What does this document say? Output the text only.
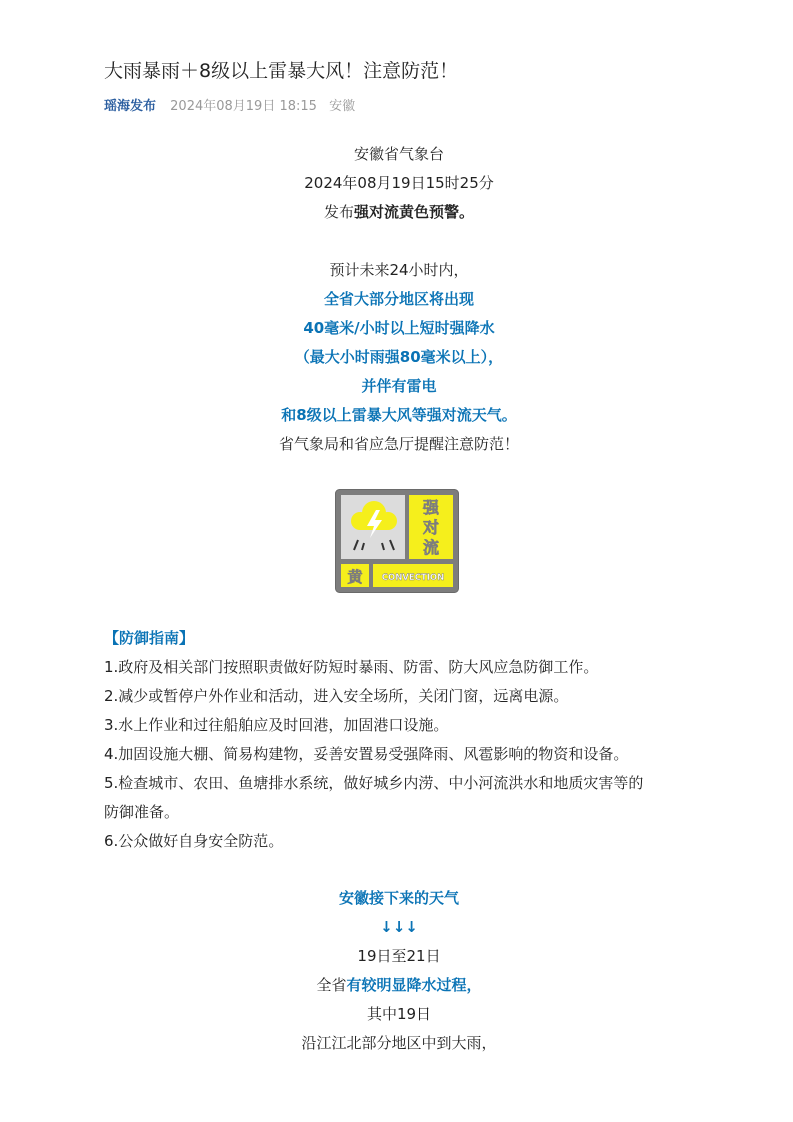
大雨暴雨＋8级以上雷暴大风！注意防范！
瑶海发布 2024年08月19日 18:15 安徽
安徽省气象台
2024年08月19日15时25分
发布强对流黄色预警。
预计未来24小时内，
全省大部分地区将出现
40毫米/小时以上短时强降水
（最大小时雨强80毫米以上），
并伴有雷电
和8级以上雷暴大风等强对流天气。
省气象局和省应急厅提醒注意防范！
强
对
流
黄 CONVECTION
【防御指南】
1.政府及相关部门按照职责做好防短时暴雨、防雷、防大风应急防御工作。
2.减少或暂停户外作业和活动，进入安全场所，关闭门窗，远离电源。
3.水上作业和过往船舶应及时回港，加固港口设施。
4.加固设施大棚、简易构建物，妥善安置易受强降雨、风雹影响的物资和设备。
5.检查城市、农田、鱼塘排水系统，做好城乡内涝、中小河流洪水和地质灾害等的
防御准备。
6.公众做好自身安全防范。
安徽接下来的天气
↓↓↓
19日至21日
全省有较明显降水过程，
其中19日
沿江江北部分地区中到大雨，
